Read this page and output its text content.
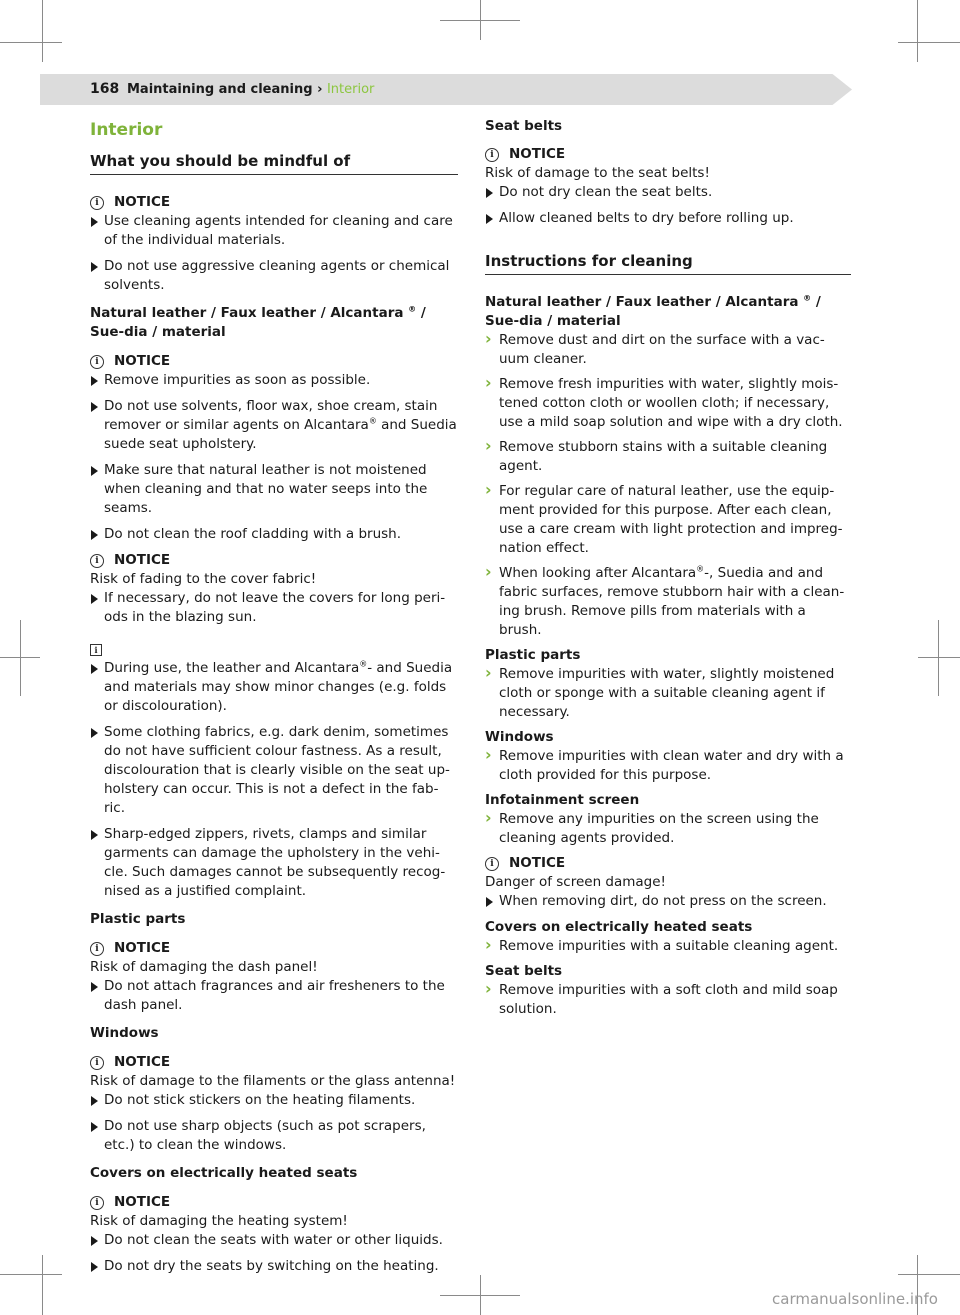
168 Maintaining and cleaning › Interior
Interior
What you should be mindful of
i	NOTICE
Use cleaning agents intended for cleaning and care of the individual materials.
Do not use aggressive cleaning agents or chemical solvents.
Natural leather / Faux leather / Alcantara ® / Sue-dia / material
i	NOTICE
Remove impurities as soon as possible.
Do not use solvents, floor wax, shoe cream, stain remover or similar agents on Alcantara® and Suedia suede seat upholstery.
Make sure that natural leather is not moistened when cleaning and that no water seeps into the seams.
Do not clean the roof cladding with a brush.
i	NOTICE

Risk of fading to the cover fabric!

If necessary, do not leave the covers for long peri-ods in the blazing sun.
i
During use, the leather and Alcantara®- and Suedia and materials may show minor changes (e.g. folds or discolouration).
Some clothing fabrics, e.g. dark denim, sometimes do not have sufficient colour fastness. As a result, discolouration that is clearly visible on the seat up-holstery can occur. This is not a defect in the fab-ric.
Sharp-edged zippers, rivets, clamps and similar garments can damage the upholstery in the vehi-cle. Such damages cannot be subsequently recog-nised as a justified complaint.
Plastic parts
i	NOTICE

Risk of damaging the dash panel!

Do not attach fragrances and air fresheners to the dash panel.
Windows
i	NOTICE

Risk of damage to the filaments or the glass antenna!

Do not stick stickers on the heating filaments.
Do not use sharp objects (such as pot scrapers, etc.) to clean the windows.
Covers on electrically heated seats
i	NOTICE

Risk of damaging the heating system!

Do not clean the seats with water or other liquids.
Do not dry the seats by switching on the heating.
Seat belts
i	NOTICE

Risk of damage to the seat belts!

Do not dry clean the seat belts.
Allow cleaned belts to dry before rolling up.
Instructions for cleaning
Natural leather / Faux leather / Alcantara ® / Sue-dia / material
› Remove dust and dirt on the surface with a vac-uum cleaner.
› Remove fresh impurities with water, slightly mois-tened cotton cloth or woollen cloth; if necessary, use a mild soap solution and wipe with a dry cloth.
› Remove stubborn stains with a suitable cleaning agent.
› For regular care of natural leather, use the equip-ment provided for this purpose. After each clean, use a care cream with light protection and impreg-nation effect.
› When looking after Alcantara®-, Suedia and and fabric surfaces, remove stubborn hair with a clean-ing brush. Remove pills from materials with a brush.
Plastic parts
› Remove impurities with water, slightly moistened cloth or sponge with a suitable cleaning agent if necessary.
Windows
› Remove impurities with clean water and dry with a cloth provided for this purpose.
Infotainment screen
› Remove any impurities on the screen using the cleaning agents provided.
i	NOTICE

Danger of screen damage!

When removing dirt, do not press on the screen.
Covers on electrically heated seats
› Remove impurities with a suitable cleaning agent.
Seat belts
› Remove impurities with a soft cloth and mild soap solution.
carmanualsonline.info
